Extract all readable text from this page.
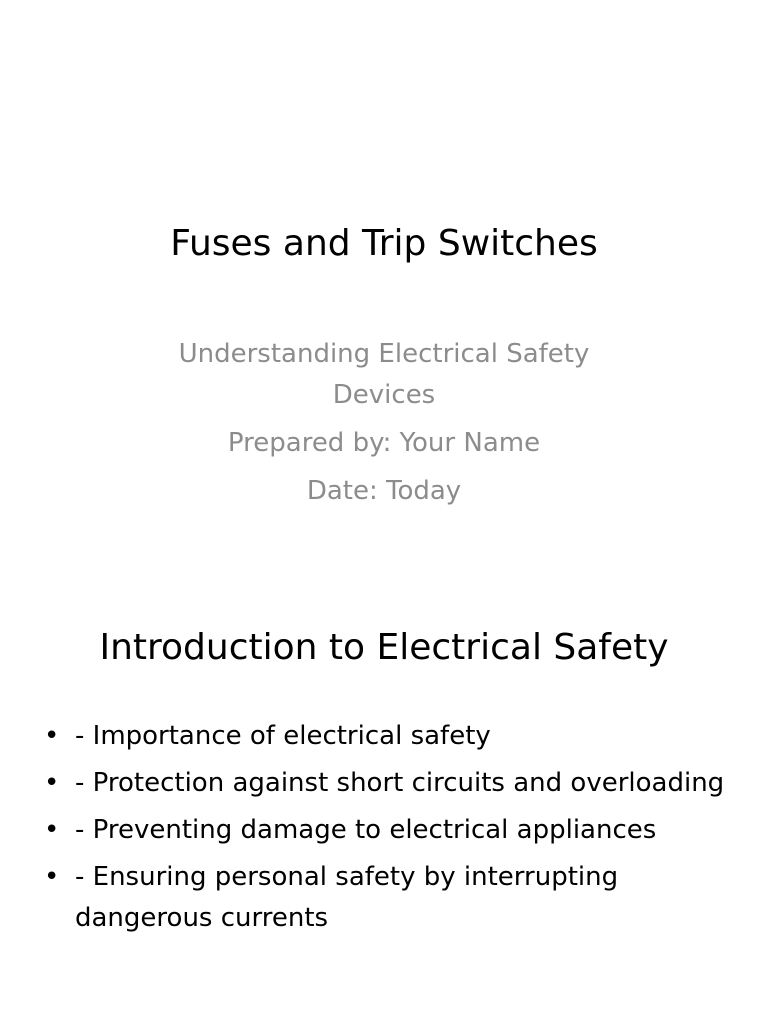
Fuses and Trip Switches
Understanding Electrical Safety Devices
Prepared by: Your Name
Date: Today
Introduction to Electrical Safety
• - Importance of electrical safety
• - Protection against short circuits and overloading
• - Preventing damage to electrical appliances
• - Ensuring personal safety by interrupting dangerous currents
